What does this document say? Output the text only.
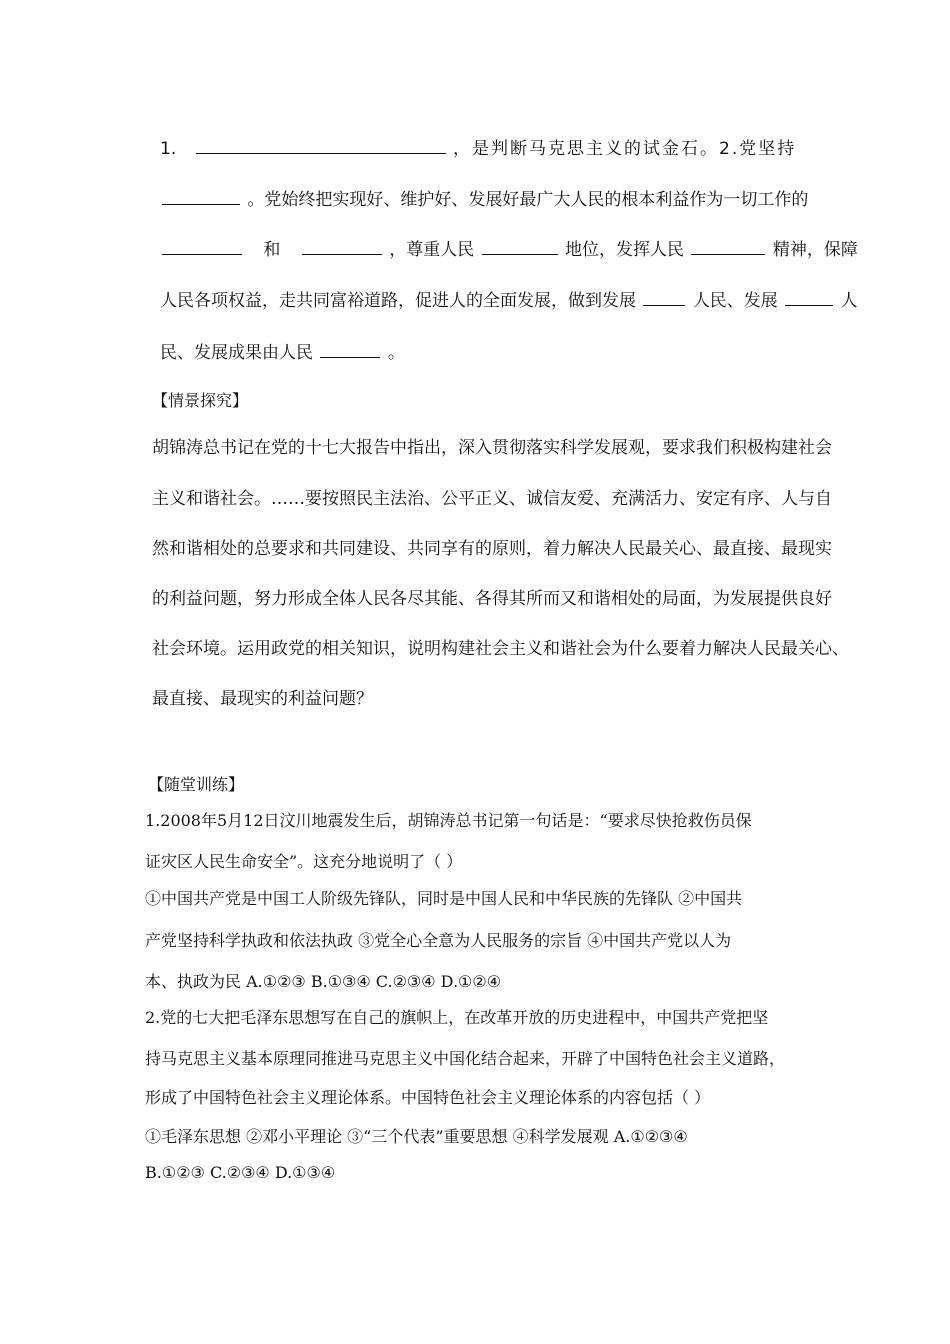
1.	，是判断马克思主义的试金石。2.党坚持
。党始终把实现好、维护好、发展好最广大人民的根本利益作为一切工作的
和	，尊重人民	地位，发挥人民	精神，保障
人民各项权益，走共同富裕道路，促进人的全面发展，做到发展	人民、发展	人
民、发展成果由人民	。
【情景探究】
胡锦涛总书记在党的十七大报告中指出，深入贯彻落实科学发展观，要求我们积极构建社会
主义和谐社会。……要按照民主法治、公平正义、诚信友爱、充满活力、安定有序、人与自
然和谐相处的总要求和共同建设、共同享有的原则，着力解决人民最关心、最直接、最现实
的利益问题，努力形成全体人民各尽其能、各得其所而又和谐相处的局面，为发展提供良好
社会环境。运用政党的相关知识，说明构建社会主义和谐社会为什么要着力解决人民最关心、
最直接、最现实的利益问题？
【随堂训练】
1.2008年5月12日汶川地震发生后，胡锦涛总书记第一句话是：“要求尽快抢救伤员保
证灾区人民生命安全”。这充分地说明了（ ）
①中国共产党是中国工人阶级先锋队，同时是中国人民和中华民族的先锋队 ②中国共
产党坚持科学执政和依法执政 ③党全心全意为人民服务的宗旨 ④中国共产党以人为
本、执政为民 A.①②③ B.①③④ C.②③④ D.①②④
2.党的七大把毛泽东思想写在自己的旗帜上，在改革开放的历史进程中，中国共产党把坚
持马克思主义基本原理同推进马克思主义中国化结合起来，开辟了中国特色社会主义道路，
形成了中国特色社会主义理论体系。中国特色社会主义理论体系的内容包括（ ）
①毛泽东思想 ②邓小平理论 ③“三个代表”重要思想 ④科学发展观 A.①②③④
B.①②③ C.②③④ D.①③④
